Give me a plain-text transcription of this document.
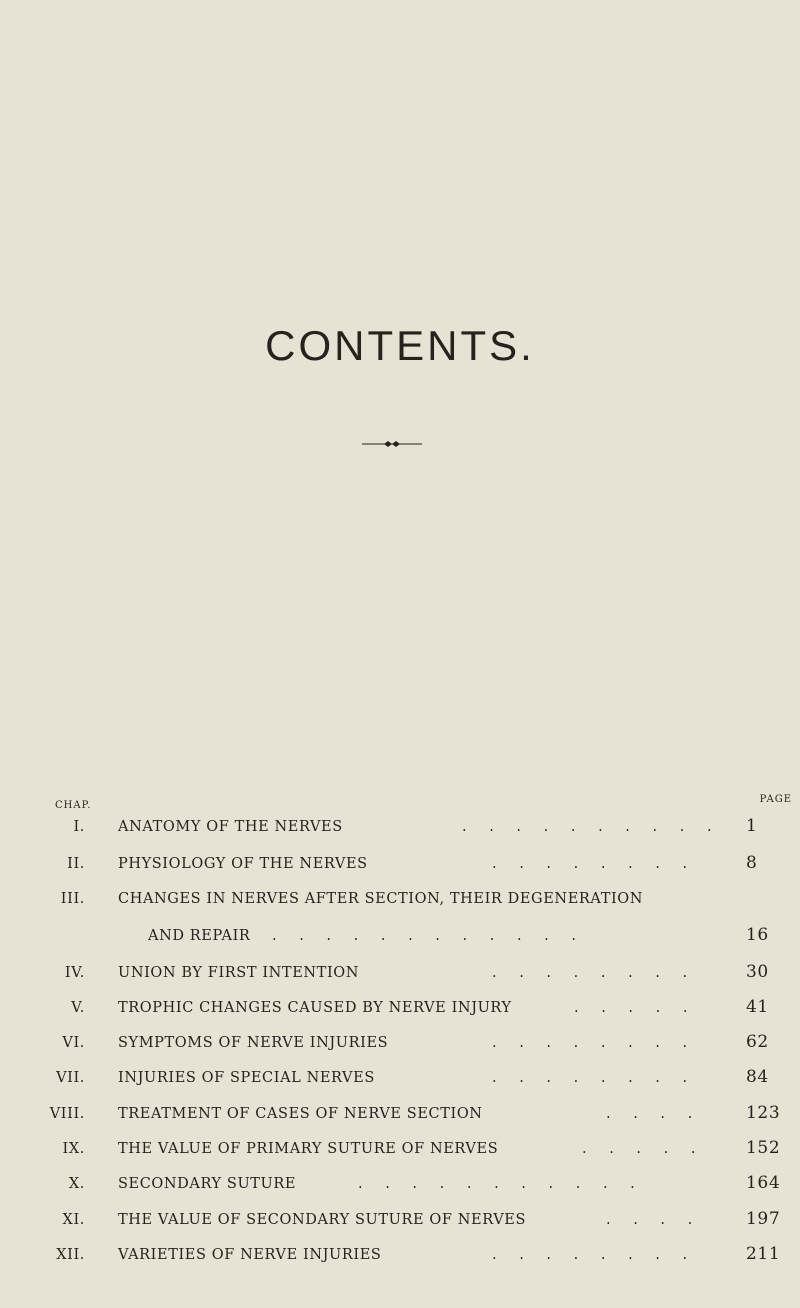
CONTENTS.
CHAP.
PAGE
I. ANATOMY OF THE NERVES	. . . . . . . . . . 1
II. PHYSIOLOGY OF THE NERVES	. . . . . . . .	8
III. CHANGES IN NERVES AFTER SECTION, THEIR DEGENERATION
AND REPAIR . . . . . . . . . . . .	16
IV. UNION BY FIRST INTENTION	. . . . . . . .	30
V. TROPHIC CHANGES CAUSED BY NERVE INJURY	. . . . .	41
VI. SYMPTOMS OF NERVE INJURIES	. . . . . . . .	62
VII. INJURIES OF SPECIAL NERVES	. . . . . . . .	84
VIII. TREATMENT OF CASES OF NERVE SECTION	. . . .	123
IX. THE VALUE OF PRIMARY SUTURE OF NERVES	. . . . . 152
X. SECONDARY SUTURE	. . . . . . . . . . .	164
XI. THE VALUE OF SECONDARY SUTURE OF NERVES	. . . .	197
XII. VARIETIES OF NERVE INJURIES	. . . . . . . .	211
